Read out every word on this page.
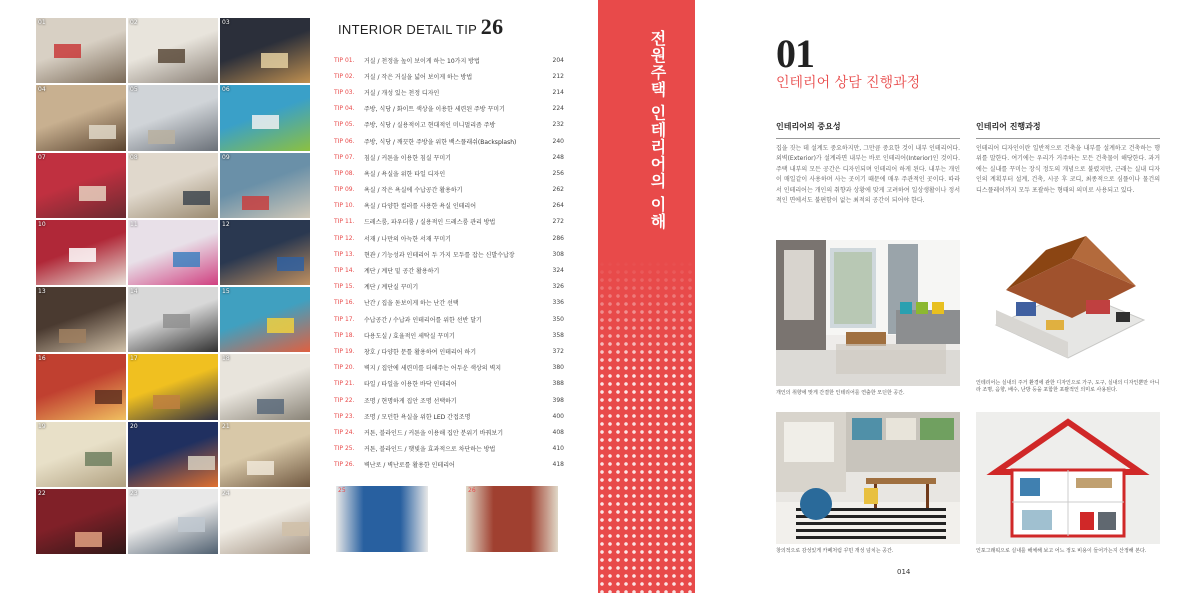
01	02	03
04	05	06
07	08	09
10	11	12
13	14	15
16	17	18
19	20	21
22	23	24
INTERIOR DETAIL TIP 26
TIP 01.	거실 / 천정을 높이 보이게 하는 10가지 방법	204
TIP 02.	거실 / 작은 거실을 넓어 보이게 하는 방법	212
TIP 03.	거실 / 개성 있는 천정 디자인	214
TIP 04.	주방, 식당 / 화이트 색상을 이용한 세련된 주방 꾸미기	224
TIP 05.	주방, 식당 / 실용적이고 현대적인 미니멀리즘 주방	232
TIP 06.	주방, 식당 / 깨끗한 주방을 위한 백스플래쉬(Backsplash)	240
TIP 07.	침실 / 커튼을 이용한 침실 꾸미기	248
TIP 08.	욕실 / 욕실을 위한 타일 디자인	256
TIP 09.	욕실 / 작은 욕실에 수납공간 활용하기	262
TIP 10.	욕실 / 다양한 컬러를 사용한 욕실 인테리어	264
TIP 11.	드레스룸, 파우더룸 / 실용적인 드레스룸 관리 방법	272
TIP 12.	서재 / 나만의 아늑한 서재 꾸미기	286
TIP 13.	현관 / 기능성과 인테리어 두 가지 모두를 잡는 신발수납장	308
TIP 14.	계단 / 계단 밑 공간 활용하기	324
TIP 15.	계단 / 계단실 꾸미기	326
TIP 16.	난간 / 집을 돋보이게 하는 난간 선택	336
TIP 17.	수납공간 / 수납과 인테리어를 위한 선반 달기	350
TIP 18.	다용도실 / 효율적인 세탁실 꾸미기	358
TIP 19.	창호 / 다양한 문틀 활용하여 인테리어 하기	372
TIP 20.	벽지 / 집안에 세련미를 더해주는 어두운 색상의 벽지	380
TIP 21.	타일 / 타일을 이용한 바닥 인테리어	388
TIP 22.	조명 / 현명하게 집안 조명 선택하기	398
TIP 23.	조명 / 모던한 욕실을 위한 LED 간접조명	400
TIP 24.	커튼, 블라인드 / 커튼을 이용해 집안 분위기 바꿔보기	408
TIP 25.	커튼, 블라인드 / 햇빛을 효과적으로 차단하는 방법	410
TIP 26.	벽난로 / 벽난로를 활용한 인테리어	418
25	26
전원주택 인테리어의 이해	01
인테리어 상담 진행과정
인테리어의 중요성
집을 짓는 데 설계도 중요하지만, 그만큼 중요한 것이 내부 인테리어다. 외벽(Exterior)가 설계라면 내부는 바로 인테리어(Interior)인 것이다. 주택 내부의 모든 공간은 디자인되며 인테리어 하게 된다. 내부는 개인이 매일같이 사용하며 사는 곳이기 때문에 매우 주관적인 곳이다. 따라서 인테리어는 개인의 취향과 상황에 맞게 고려하여 일상생활이나 정서적인 면에서도 불편함이 없는 최적의 공간이 되어야 한다.
인테리어 진행과정
인테리어 디자인이란 일반적으로 건축을 내부를 설계하고 건축하는 행위를 말한다. 여기에는 우리가 거주하는 모든 건축물이 해당한다. 과거에는 실내를 꾸미는 장식 정도의 개념으로 불렸지만, 근래는 실내 디자인의 계획부터 설계, 건축, 시공 후 코디, 최종적으로 심플이나 물건의 디스플레이까지 모두 포괄하는 형태의 의미로 사용되고 있다.
개인의 취향에 맞게 간결한 인테리어를 연출한 모던한 공간.
인테리어는 실내의 주거 환경에 관한 디자인으로 가구, 도구, 실내의 디자인뿐만 아니라 조명, 음향, 배수, 난방 등을 포함한 포괄적인 의미로 사용된다.
창의적으로 감성있게 카페처럼 꾸민 개성 넘치는 공간.	인포그래픽으로 실내를 해체해 보고 어느 정도 비용이 들어가는지 산정해 본다.
014
